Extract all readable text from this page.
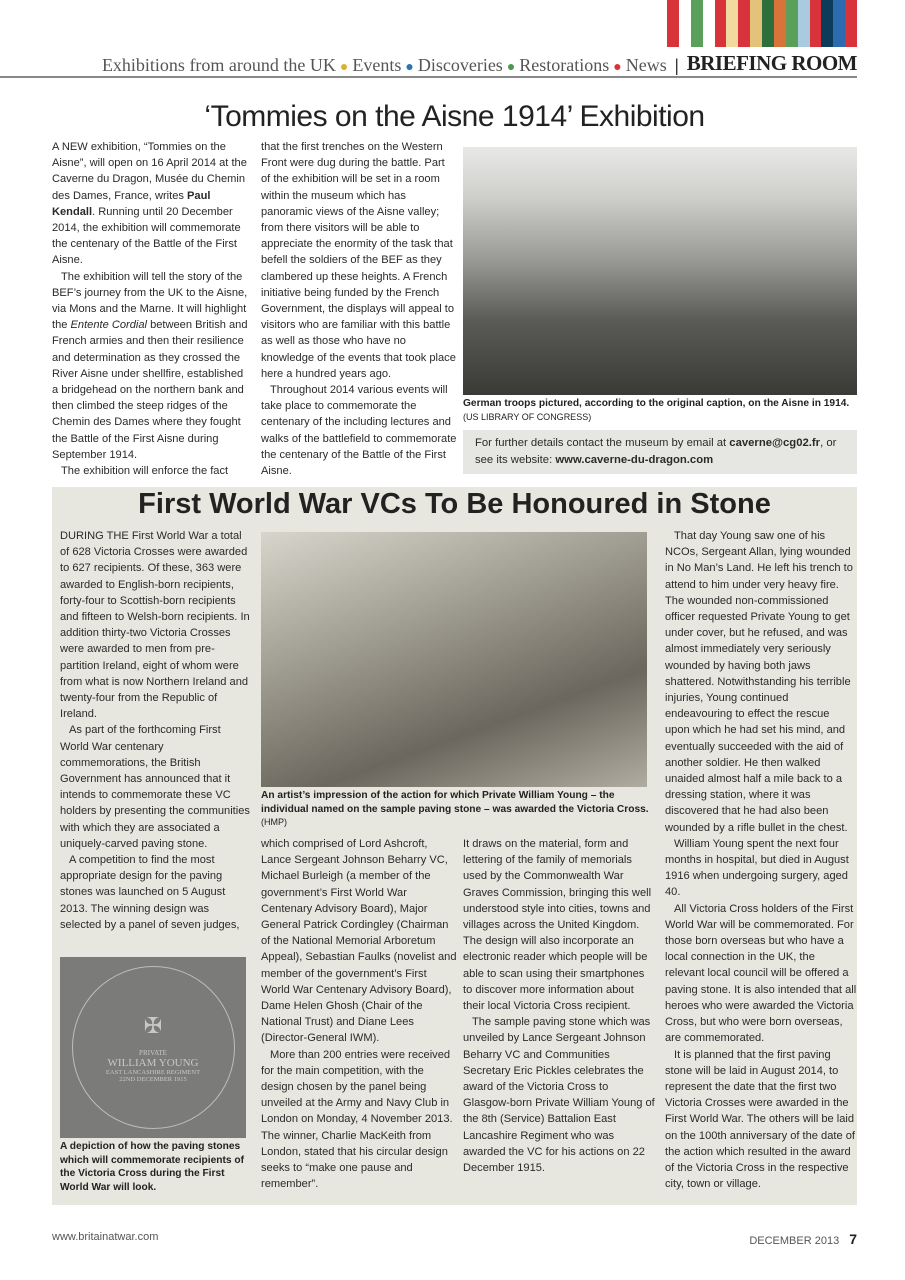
Exhibitions from around the UK ● Events ● Discoveries ● Restorations ● News | BRIEFING ROOM
‘Tommies on the Aisne 1914’ Exhibition

A NEW exhibition, “Tommies on the Aisne”, will open on 16 April 2014 at the Caverne du Dragon, Musée du Chemin des Dames, France, writes Paul Kendall. Running until 20 December 2014, the exhibition will commemorate the centenary of the Battle of the First Aisne.

The exhibition will tell the story of the BEF’s journey from the UK to the Aisne, via Mons and the Marne. It will highlight the Entente Cordial between British and French armies and then their resilience and determination as they crossed the River Aisne under shellfire, established a bridgehead on the northern bank and then climbed the steep ridges of the Chemin des Dames where they fought the Battle of the First Aisne during September 1914.

The exhibition will enforce the fact

that the first trenches on the Western Front were dug during the battle. Part of the exhibition will be set in a room within the museum which has panoramic views of the Aisne valley; from there visitors will be able to appreciate the enormity of the task that befell the soldiers of the BEF as they clambered up these heights. A French initiative being funded by the French Government, the displays will appeal to visitors who are familiar with this battle as well as those who have no knowledge of the events that took place here a hundred years ago.

Throughout 2014 various events will take place to commemorate the centenary of the including lectures and walks of the battlefield to commemorate the centenary of the Battle of the First Aisne.

German troops pictured, according to the original caption, on the Aisne in 1914. (US LIBRARY OF CONGRESS)
For further details contact the museum by email at caverne@cg02.fr, or see its website: www.caverne-du-dragon.com
First World War VCs To Be Honoured in Stone

DURING THE First World War a total of 628 Victoria Crosses were awarded to 627 recipients. Of these, 363 were awarded to English-born recipients, forty-four to Scottish-born recipients and fifteen to Welsh-born recipients. In addition thirty-two Victoria Crosses were awarded to men from pre-partition Ireland, eight of whom were from what is now Northern Ireland and twenty-four from the Republic of Ireland.

As part of the forthcoming First World War centenary commemorations, the British Government has announced that it intends to commemorate these VC holders by presenting the communities with which they are associated a uniquely-carved paving stone.

A competition to find the most appropriate design for the paving stones was launched on 5 August 2013. The winning design was selected by a panel of seven judges,

✠
PRIVATE
WILLIAM YOUNG
EAST LANCASHIRE REGIMENT
22ND DECEMBER 1915
A depiction of how the paving stones which will commemorate recipients of the Victoria Cross during the First World War will look.
An artist’s impression of the action for which Private William Young – the individual named on the sample paving stone – was awarded the Victoria Cross. (HMP)

which comprised of Lord Ashcroft, Lance Sergeant Johnson Beharry VC, Michael Burleigh (a member of the government’s First World War Centenary Advisory Board), Major General Patrick Cordingley (Chairman of the National Memorial Arboretum Appeal), Sebastian Faulks (novelist and member of the government’s First World War Centenary Advisory Board), Dame Helen Ghosh (Chair of the National Trust) and Diane Lees (Director-General IWM).

More than 200 entries were received for the main competition, with the design chosen by the panel being unveiled at the Army and Navy Club in London on Monday, 4 November 2013. The winner, Charlie MacKeith from London, stated that his circular design seeks to “make one pause and remember”.

It draws on the material, form and lettering of the family of memorials used by the Commonwealth War Graves Commission, bringing this well understood style into cities, towns and villages across the United Kingdom. The design will also incorporate an electronic reader which people will be able to scan using their smartphones to discover more information about their local Victoria Cross recipient.

The sample paving stone which was unveiled by Lance Sergeant Johnson Beharry VC and Communities Secretary Eric Pickles celebrates the award of the Victoria Cross to Glasgow-born Private William Young of the 8th (Service) Battalion East Lancashire Regiment who was awarded the VC for his actions on 22 December 1915.

That day Young saw one of his NCOs, Sergeant Allan, lying wounded in No Man’s Land. He left his trench to attend to him under very heavy fire. The wounded non-commissioned officer requested Private Young to get under cover, but he refused, and was almost immediately very seriously wounded by having both jaws shattered. Notwithstanding his terrible injuries, Young continued endeavouring to effect the rescue upon which he had set his mind, and eventually succeeded with the aid of another soldier. He then walked unaided almost half a mile back to a dressing station, where it was discovered that he had also been wounded by a rifle bullet in the chest.

William Young spent the next four months in hospital, but died in August 1916 when undergoing surgery, aged 40.

All Victoria Cross holders of the First World War will be commemorated. For those born overseas but who have a local connection in the UK, the relevant local council will be offered a paving stone. It is also intended that all heroes who were awarded the Victoria Cross, but who were born overseas, are commemorated.

It is planned that the first paving stone will be laid in August 2014, to represent the date that the first two Victoria Crosses were awarded in the First World War. The others will be laid on the 100th anniversary of the date of the action which resulted in the award of the Victoria Cross in the respective city, town or village.

www.britainatwar.com	DECEMBER 2013 7
